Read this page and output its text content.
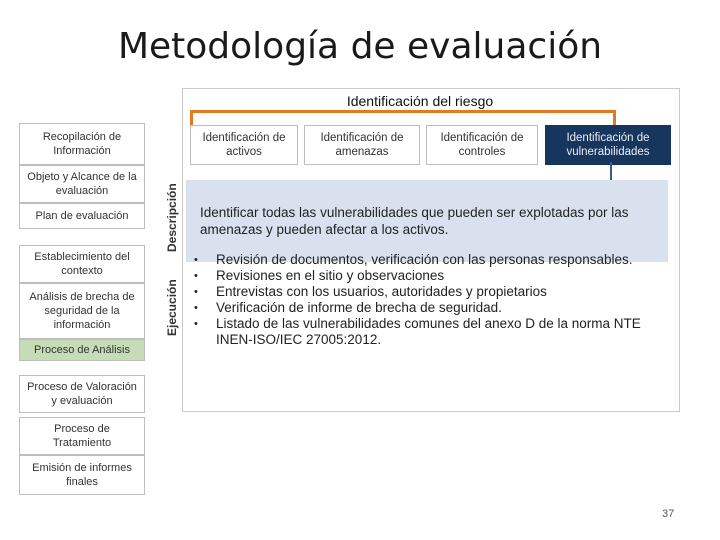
Metodología de evaluación
Identificación del riesgo
Identificación de activos
Identificación de amenazas
Identificación de controles
Identificación de vulnerabilidades
Identificar todas las vulnerabilidades que pueden ser explotadas por las amenazas y pueden afectar a los activos.
Descripción
Ejecución
Recopilación de Información
Objeto y Alcance de la evaluación
Plan de evaluación
Establecimiento del contexto
Análisis de brecha de seguridad de la información
Proceso de Análisis
Proceso de Valoración y evaluación
Proceso de Tratamiento
Emisión de informes finales
•	Revisión de documentos, verificación con las personas responsables.
•	Revisiones en el sitio y observaciones
•	Entrevistas con los usuarios, autoridades y propietarios
•	Verificación de informe de brecha de seguridad.
•	Listado de las vulnerabilidades comunes del anexo D de la norma NTE INEN-ISO/IEC 27005:2012.
37
